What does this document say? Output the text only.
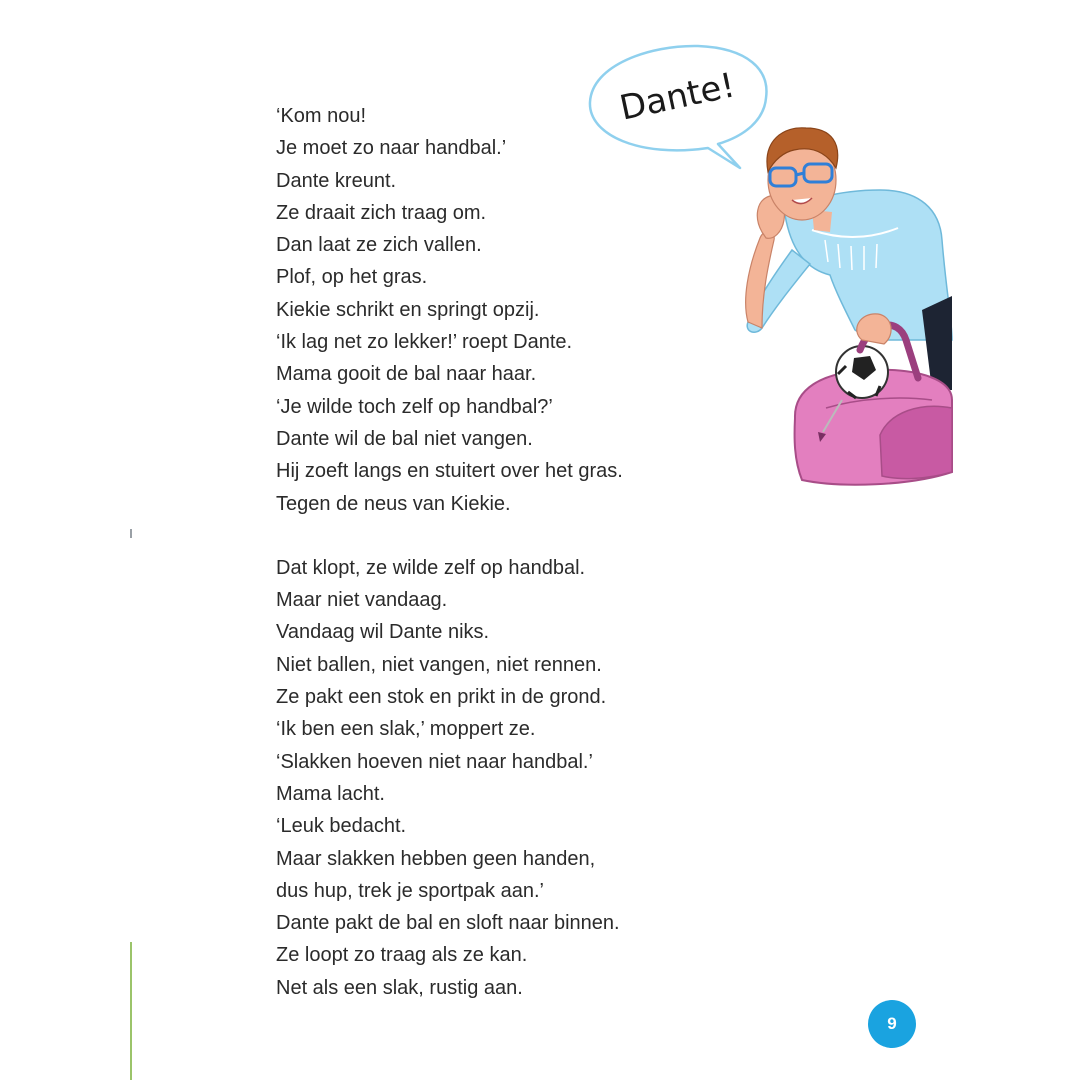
‘Kom nou!
Je moet zo naar handbal.’
Dante kreunt.
Ze draait zich traag om.
Dan laat ze zich vallen.
Plof, op het gras.
Kiekie schrikt en springt opzij.
‘Ik lag net zo lekker!’ roept Dante.
Mama gooit de bal naar haar.
‘Je wilde toch zelf op handbal?’
Dante wil de bal niet vangen.
Hij zoeft langs en stuitert over het gras.
Tegen de neus van Kiekie.

Dat klopt, ze wilde zelf op handbal.
Maar niet vandaag.
Vandaag wil Dante niks.
Niet ballen, niet vangen, niet rennen.
Ze pakt een stok en prikt in de grond.
‘Ik ben een slak,’ moppert ze.
‘Slakken hoeven niet naar handbal.’
Mama lacht.
‘Leuk bedacht.
Maar slakken hebben geen handen,
dus hup, trek je sportpak aan.’
Dante pakt de bal en sloft naar binnen.
Ze loopt zo traag als ze kan.
Net als een slak, rustig aan.

Dante!
9
